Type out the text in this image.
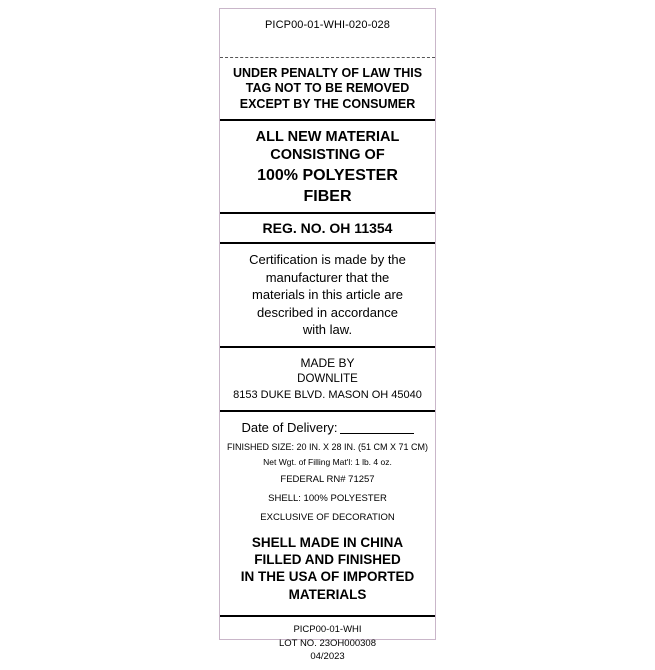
PICP00-01-WHI-020-028
UNDER PENALTY OF LAW THIS
TAG NOT TO BE REMOVED
EXCEPT BY THE CONSUMER
ALL NEW MATERIAL
CONSISTING OF
100% POLYESTER
FIBER
REG. NO. OH 11354
Certification is made by the
manufacturer that the
materials in this article are
described in accordance
with law.
MADE BY
DOWNLITE
8153 DUKE BLVD. MASON OH 45040
Date of Delivery:
FINISHED SIZE: 20 IN. X 28 IN. (51 CM X 71 CM)
Net Wgt. of Filling Mat'l: 1 lb. 4 oz.
FEDERAL RN# 71257
SHELL: 100% POLYESTER
EXCLUSIVE OF DECORATION
SHELL MADE IN CHINA
FILLED AND FINISHED
IN THE USA OF IMPORTED
MATERIALS
PICP00-01-WHI
LOT NO. 23OH000308
04/2023
